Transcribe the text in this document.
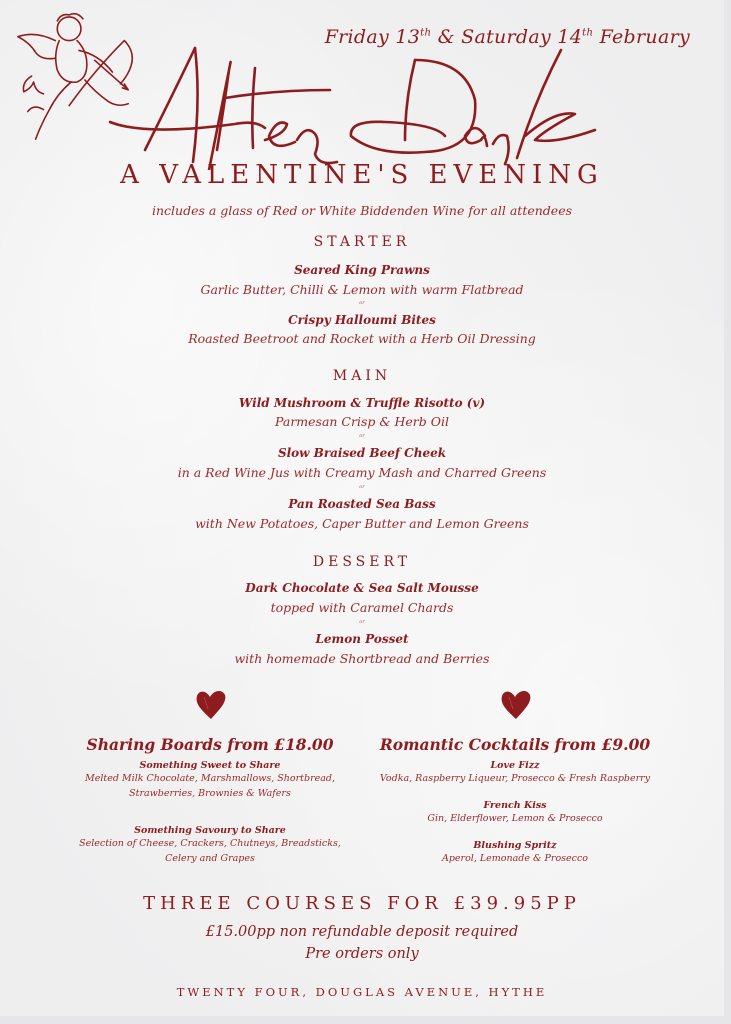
Friday 13th & Saturday 14th February
A VALENTINE'S EVENING
includes a glass of Red or White Biddenden Wine for all attendees
STARTER
Seared King Prawns
Garlic Butter, Chilli & Lemon with warm Flatbread
or
Crispy Halloumi Bites
Roasted Beetroot and Rocket with a Herb Oil Dressing
MAIN
Wild Mushroom & Truffle Risotto (v)
Parmesan Crisp & Herb Oil
or
Slow Braised Beef Cheek
in a Red Wine Jus with Creamy Mash and Charred Greens
or
Pan Roasted Sea Bass
with New Potatoes, Caper Butter and Lemon Greens
DESSERT
Dark Chocolate & Sea Salt Mousse
topped with Caramel Chards
or
Lemon Posset
with homemade Shortbread and Berries
Sharing Boards from £18.00
Something Sweet to Share
Melted Milk Chocolate, Marshmallows, Shortbread,
Strawberries, Brownies & Wafers
Something Savoury to Share
Selection of Cheese, Crackers, Chutneys, Breadsticks,
Celery and Grapes
Romantic Cocktails from £9.00
Love Fizz
Vodka, Raspberry Liqueur, Prosecco & Fresh Raspberry
French Kiss
Gin, Elderflower, Lemon & Prosecco
Blushing Spritz
Aperol, Lemonade & Prosecco
THREE COURSES FOR £39.95PP
£15.00pp non refundable deposit required
Pre orders only
TWENTY FOUR, DOUGLAS AVENUE, HYTHE
